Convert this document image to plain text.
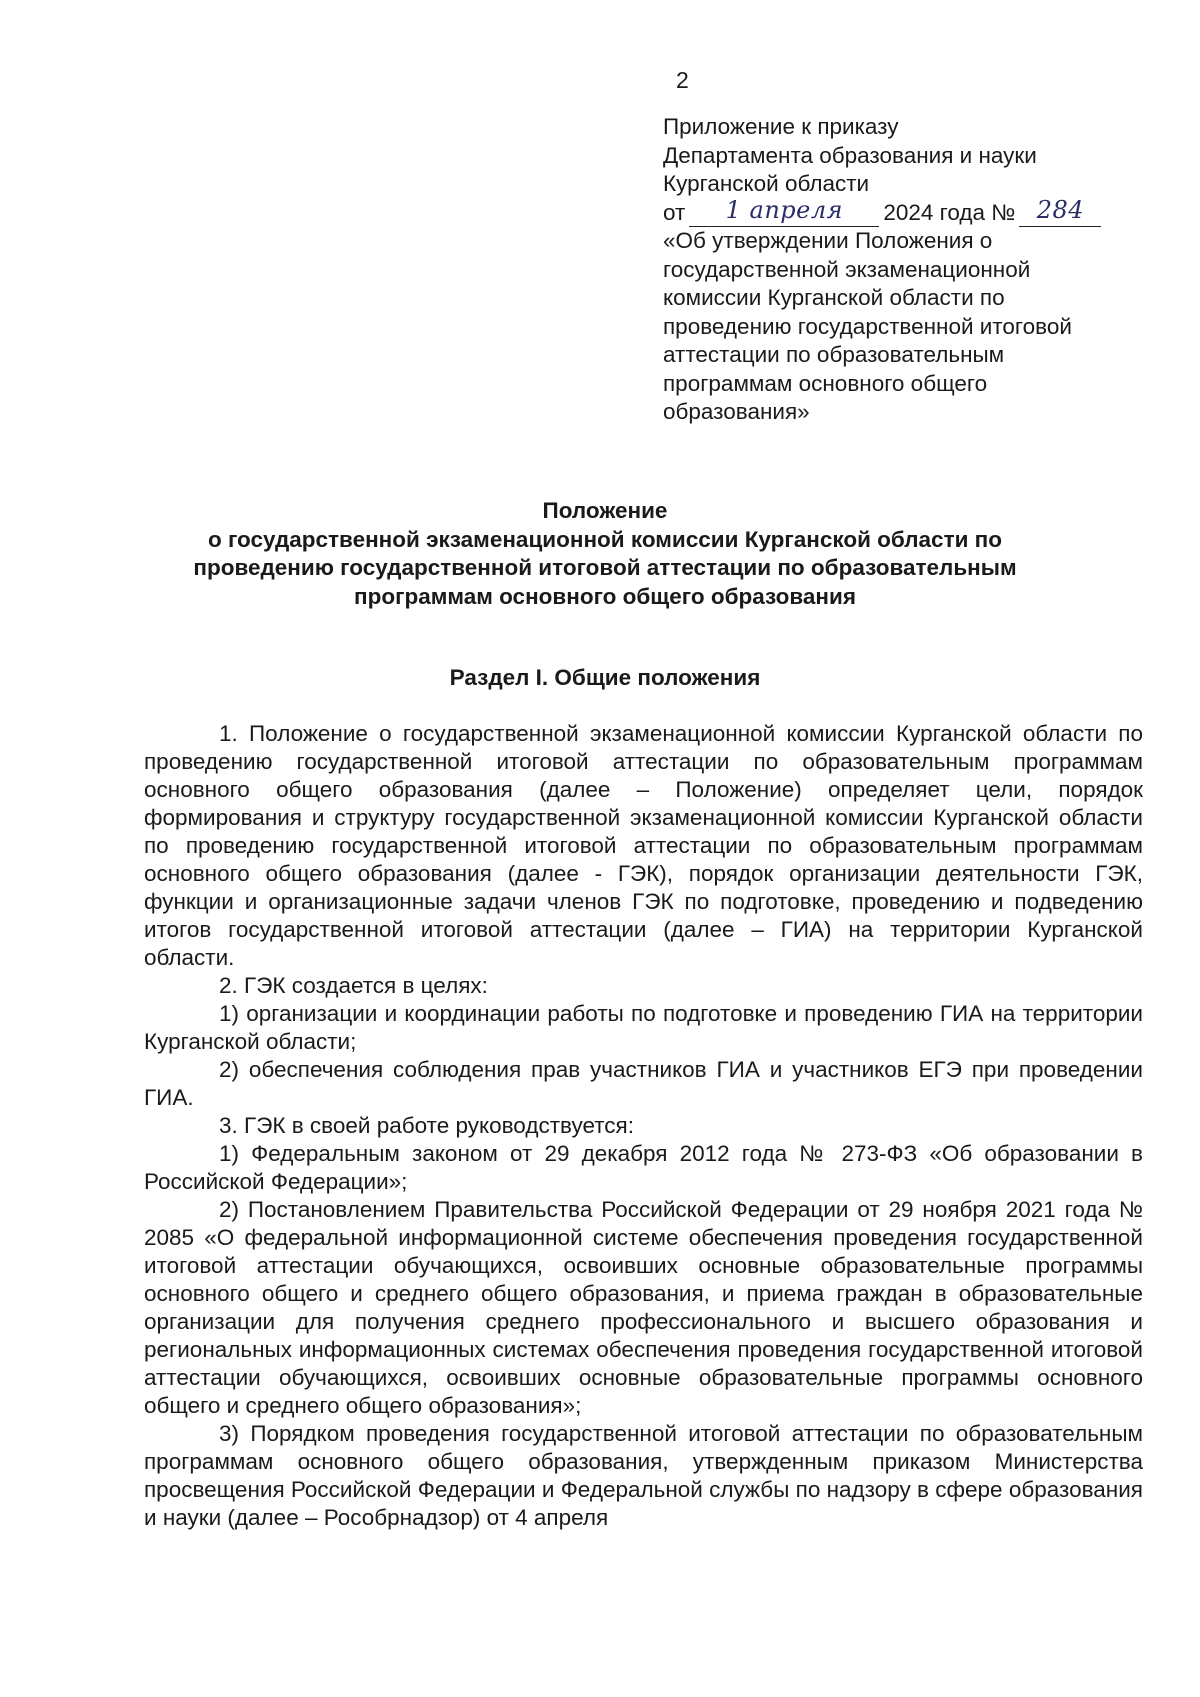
2
Приложение к приказу
Департамента образования и науки
Курганской области
от 1 апреля 2024 года № 284
«Об утверждении Положения о
государственной экзаменационной
комиссии Курганской области по
проведению государственной итоговой
аттестации по образовательным
программам основного общего
образования»
Положение
о государственной экзаменационной комиссии Курганской области по
проведению государственной итоговой аттестации по образовательным
программам основного общего образования
Раздел I. Общие положения

1. Положение о государственной экзаменационной комиссии Курганской области по проведению государственной итоговой аттестации по образовательным программам основного общего образования (далее – Положение) определяет цели, порядок формирования и структуру государственной экзаменационной комиссии Курганской области по проведению государственной итоговой аттестации по образовательным программам основного общего образования (далее - ГЭК), порядок организации деятельности ГЭК, функции и организационные задачи членов ГЭК по подготовке, проведению и подведению итогов государственной итоговой аттестации (далее – ГИА) на территории Курганской области.

2. ГЭК создается в целях:

1) организации и координации работы по подготовке и проведению ГИА на территории Курганской области;

2) обеспечения соблюдения прав участников ГИА и участников ЕГЭ при проведении ГИА.

3. ГЭК в своей работе руководствуется:

1) Федеральным законом от 29 декабря 2012 года № 273-ФЗ «Об образовании в Российской Федерации»;

2) Постановлением Правительства Российской Федерации от 29 ноября 2021 года № 2085 «О федеральной информационной системе обеспечения проведения государственной итоговой аттестации обучающихся, освоивших основные образовательные программы основного общего и среднего общего образования, и приема граждан в образовательные организации для получения среднего профессионального и высшего образования и региональных информационных системах обеспечения проведения государственной итоговой аттестации обучающихся, освоивших основные образовательные программы основного общего и среднего общего образования»;

3) Порядком проведения государственной итоговой аттестации по образовательным программам основного общего образования, утвержденным приказом Министерства просвещения Российской Федерации и Федеральной службы по надзору в сфере образования и науки (далее – Рособрнадзор) от 4 апреля
